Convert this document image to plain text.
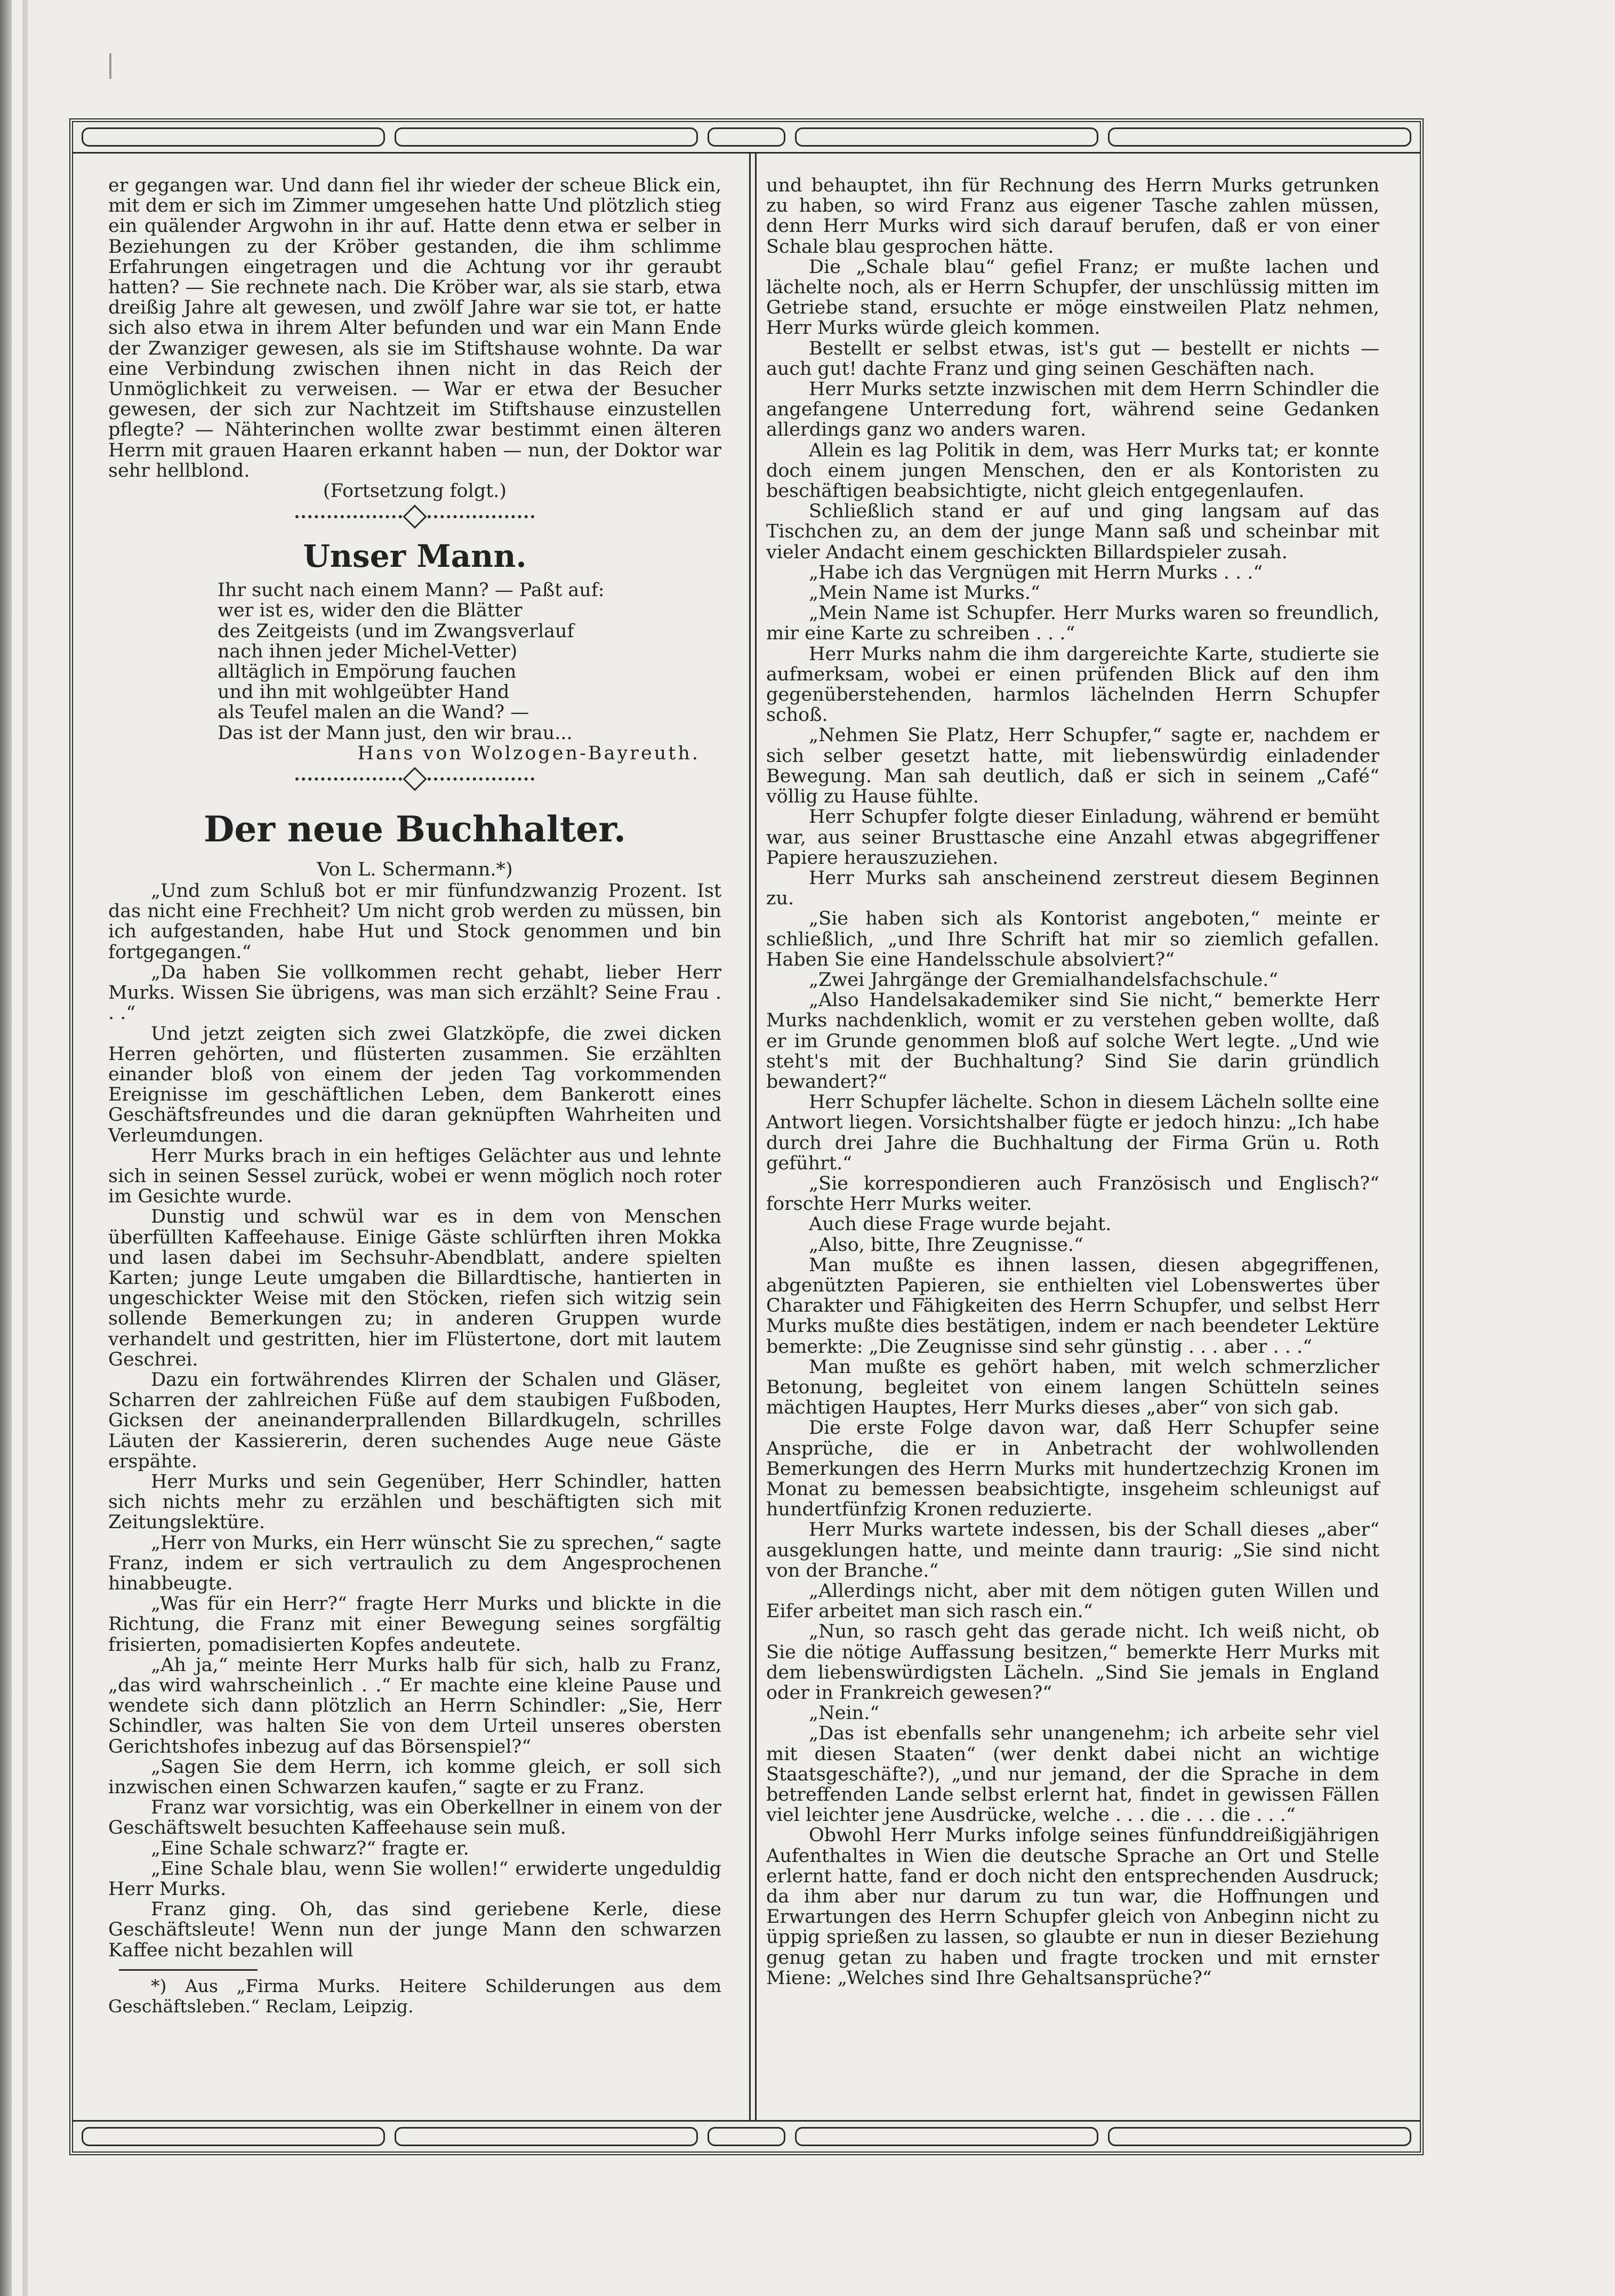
er gegangen war. Und dann fiel ihr wieder der scheue Blick ein, mit dem er sich im Zimmer umgesehen hatte Und plötzlich stieg ein quälender Argwohn in ihr auf. Hatte denn etwa er selber in Beziehungen zu der Kröber gestanden, die ihm schlimme Erfahrungen eingetragen und die Achtung vor ihr geraubt hatten? — Sie rechnete nach. Die Kröber war, als sie starb, etwa dreißig Jahre alt gewesen, und zwölf Jahre war sie tot, er hatte sich also etwa in ihrem Alter befunden und war ein Mann Ende der Zwanziger gewesen, als sie im Stiftshause wohnte. Da war eine Verbindung zwischen ihnen nicht in das Reich der Unmöglichkeit zu verweisen. — War er etwa der Besucher gewesen, der sich zur Nachtzeit im Stiftshause einzustellen pflegte? — Nähterinchen wollte zwar bestimmt einen älteren Herrn mit grauen Haaren erkannt haben — nun, der Doktor war sehr hellblond.

(Fortsetzung folgt.)

Unser Mann.
Ihr sucht nach einem Mann? — Paßt auf:
wer ist es, wider den die Blätter
des Zeitgeists (und im Zwangsverlauf
nach ihnen jeder Michel-Vetter)
alltäglich in Empörung fauchen
und ihn mit wohlgeübter Hand
als Teufel malen an die Wand? —
Das ist der Mann just, den wir brau...
Hans von Wolzogen-Bayreuth.
Der neue Buchhalter.
Von L. Schermann.*)

„Und zum Schluß bot er mir fünfundzwanzig Prozent. Ist das nicht eine Frechheit? Um nicht grob werden zu müssen, bin ich aufgestanden, habe Hut und Stock genommen und bin fortgegangen.“

„Da haben Sie vollkommen recht gehabt, lieber Herr Murks. Wissen Sie übrigens, was man sich erzählt? Seine Frau . . .“

Und jetzt zeigten sich zwei Glatzköpfe, die zwei dicken Herren gehörten, und flüsterten zusammen. Sie erzählten einander bloß von einem der jeden Tag vorkommenden Ereignisse im geschäftlichen Leben, dem Bankerott eines Geschäftsfreundes und die daran geknüpften Wahrheiten und Verleumdungen.

Herr Murks brach in ein heftiges Gelächter aus und lehnte sich in seinen Sessel zurück, wobei er wenn möglich noch roter im Gesichte wurde.

Dunstig und schwül war es in dem von Menschen überfüllten Kaffeehause. Einige Gäste schlürften ihren Mokka und lasen dabei im Sechsuhr-Abendblatt, andere spielten Karten; junge Leute umgaben die Billardtische, hantierten in ungeschickter Weise mit den Stöcken, riefen sich witzig sein sollende Bemerkungen zu; in anderen Gruppen wurde verhandelt und gestritten, hier im Flüstertone, dort mit lautem Geschrei.

Dazu ein fortwährendes Klirren der Schalen und Gläser, Scharren der zahlreichen Füße auf dem staubigen Fußboden, Gicksen der aneinanderprallenden Billardkugeln, schrilles Läuten der Kassiererin, deren suchendes Auge neue Gäste erspähte.

Herr Murks und sein Gegenüber, Herr Schindler, hatten sich nichts mehr zu erzählen und beschäftigten sich mit Zeitungslektüre.

„Herr von Murks, ein Herr wünscht Sie zu sprechen,“ sagte Franz, indem er sich vertraulich zu dem Angesprochenen hinabbeugte.

„Was für ein Herr?“ fragte Herr Murks und blickte in die Richtung, die Franz mit einer Bewegung seines sorgfältig frisierten, pomadisierten Kopfes andeutete.

„Ah ja,“ meinte Herr Murks halb für sich, halb zu Franz, „das wird wahrscheinlich . .“ Er machte eine kleine Pause und wendete sich dann plötzlich an Herrn Schindler: „Sie, Herr Schindler, was halten Sie von dem Urteil unseres obersten Gerichtshofes inbezug auf das Börsenspiel?“

„Sagen Sie dem Herrn, ich komme gleich, er soll sich inzwischen einen Schwarzen kaufen,“ sagte er zu Franz.

Franz war vorsichtig, was ein Oberkellner in einem von der Geschäftswelt besuchten Kaffeehause sein muß.

„Eine Schale schwarz?“ fragte er.

„Eine Schale blau, wenn Sie wollen!“ erwiderte ungeduldig Herr Murks.

Franz ging. Oh, das sind geriebene Kerle, diese Geschäftsleute! Wenn nun der junge Mann den schwarzen Kaffee nicht bezahlen will

*) Aus „Firma Murks. Heitere Schilderungen aus dem Geschäftsleben.“ Reclam, Leipzig.

und behauptet, ihn für Rechnung des Herrn Murks getrunken zu haben, so wird Franz aus eigener Tasche zahlen müssen, denn Herr Murks wird sich darauf berufen, daß er von einer Schale blau gesprochen hätte.

Die „Schale blau“ gefiel Franz; er mußte lachen und lächelte noch, als er Herrn Schupfer, der unschlüssig mitten im Getriebe stand, ersuchte er möge einstweilen Platz nehmen, Herr Murks würde gleich kommen.

Bestellt er selbst etwas, ist's gut — bestellt er nichts — auch gut! dachte Franz und ging seinen Geschäften nach.

Herr Murks setzte inzwischen mit dem Herrn Schindler die angefangene Unterredung fort, während seine Gedanken allerdings ganz wo anders waren.

Allein es lag Politik in dem, was Herr Murks tat; er konnte doch einem jungen Menschen, den er als Kontoristen zu beschäftigen beabsichtigte, nicht gleich entgegenlaufen.

Schließlich stand er auf und ging langsam auf das Tischchen zu, an dem der junge Mann saß und scheinbar mit vieler Andacht einem geschickten Billardspieler zusah.

„Habe ich das Vergnügen mit Herrn Murks . . .“

„Mein Name ist Murks.“

„Mein Name ist Schupfer. Herr Murks waren so freundlich, mir eine Karte zu schreiben . . .“

Herr Murks nahm die ihm dargereichte Karte, studierte sie aufmerksam, wobei er einen prüfenden Blick auf den ihm gegenüberstehenden, harmlos lächelnden Herrn Schupfer schoß.

„Nehmen Sie Platz, Herr Schupfer,“ sagte er, nachdem er sich selber gesetzt hatte, mit liebenswürdig einladender Bewegung. Man sah deutlich, daß er sich in seinem „Café“ völlig zu Hause fühlte.

Herr Schupfer folgte dieser Einladung, während er bemüht war, aus seiner Brusttasche eine Anzahl etwas abgegriffener Papiere herauszuziehen.

Herr Murks sah anscheinend zerstreut diesem Beginnen zu.

„Sie haben sich als Kontorist angeboten,“ meinte er schließlich, „und Ihre Schrift hat mir so ziemlich gefallen. Haben Sie eine Handelsschule absolviert?“

„Zwei Jahrgänge der Gremialhandelsfachschule.“

„Also Handelsakademiker sind Sie nicht,“ bemerkte Herr Murks nachdenklich, womit er zu verstehen geben wollte, daß er im Grunde genommen bloß auf solche Wert legte. „Und wie steht's mit der Buchhaltung? Sind Sie darin gründlich bewandert?“

Herr Schupfer lächelte. Schon in diesem Lächeln sollte eine Antwort liegen. Vorsichtshalber fügte er jedoch hinzu: „Ich habe durch drei Jahre die Buchhaltung der Firma Grün u. Roth geführt.“

„Sie korrespondieren auch Französisch und Englisch?“ forschte Herr Murks weiter.

Auch diese Frage wurde bejaht.

„Also, bitte, Ihre Zeugnisse.“

Man mußte es ihnen lassen, diesen abgegriffenen, abgenützten Papieren, sie enthielten viel Lobenswertes über Charakter und Fähigkeiten des Herrn Schupfer, und selbst Herr Murks mußte dies bestätigen, indem er nach beendeter Lektüre bemerkte: „Die Zeugnisse sind sehr günstig . . . aber . . .“

Man mußte es gehört haben, mit welch schmerzlicher Betonung, begleitet von einem langen Schütteln seines mächtigen Hauptes, Herr Murks dieses „aber“ von sich gab.

Die erste Folge davon war, daß Herr Schupfer seine Ansprüche, die er in Anbetracht der wohlwollenden Bemerkungen des Herrn Murks mit hundertzechzig Kronen im Monat zu bemessen beabsichtigte, insgeheim schleunigst auf hundertfünfzig Kronen reduzierte.

Herr Murks wartete indessen, bis der Schall dieses „aber“ ausgeklungen hatte, und meinte dann traurig: „Sie sind nicht von der Branche.“

„Allerdings nicht, aber mit dem nötigen guten Willen und Eifer arbeitet man sich rasch ein.“

„Nun, so rasch geht das gerade nicht. Ich weiß nicht, ob Sie die nötige Auffassung besitzen,“ bemerkte Herr Murks mit dem liebenswürdigsten Lächeln. „Sind Sie jemals in England oder in Frankreich gewesen?“

„Nein.“

„Das ist ebenfalls sehr unangenehm; ich arbeite sehr viel mit diesen Staaten“ (wer denkt dabei nicht an wichtige Staatsgeschäfte?), „und nur jemand, der die Sprache in dem betreffenden Lande selbst erlernt hat, findet in gewissen Fällen viel leichter jene Ausdrücke, welche . . . die . . . die . . .“

Obwohl Herr Murks infolge seines fünfunddreißigjährigen Aufenthaltes in Wien die deutsche Sprache an Ort und Stelle erlernt hatte, fand er doch nicht den entsprechenden Ausdruck; da ihm aber nur darum zu tun war, die Hoffnungen und Erwartungen des Herrn Schupfer gleich von Anbeginn nicht zu üppig sprießen zu lassen, so glaubte er nun in dieser Beziehung genug getan zu haben und fragte trocken und mit ernster Miene: „Welches sind Ihre Gehaltsansprüche?“
